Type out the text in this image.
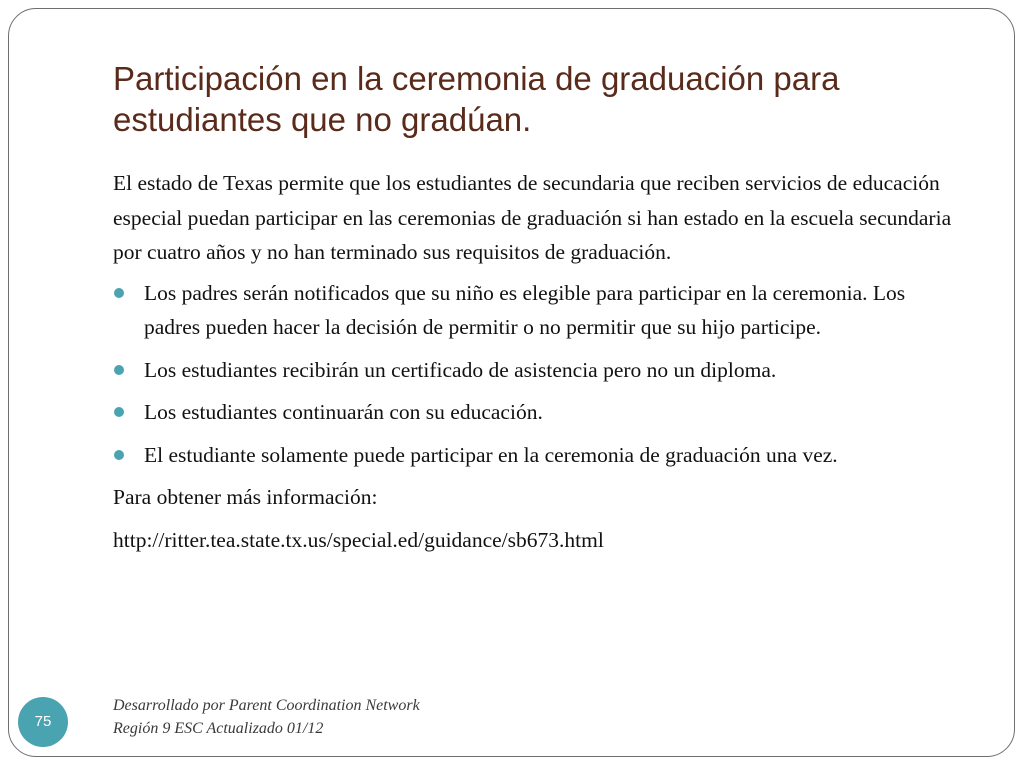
Participación en la ceremonia de graduación para estudiantes que no gradúan.

El estado de Texas permite que los estudiantes de secundaria que reciben servicios de educación especial puedan participar en las ceremonias de graduación si han estado en la escuela secundaria por cuatro años y no han terminado sus requisitos de graduación.

Los padres serán notificados que su niño es elegible para participar en la ceremonia. Los padres pueden hacer la decisión de permitir o no permitir que su hijo participe.
Los estudiantes recibirán un certificado de asistencia pero no un diploma.
Los estudiantes continuarán con su educación.
El estudiante solamente puede participar en la ceremonia de graduación una vez.

Para obtener más información:

http://ritter.tea.state.tx.us/special.ed/guidance/sb673.html

75
Desarrollado por Parent Coordination Network
Región 9 ESC Actualizado 01/12
